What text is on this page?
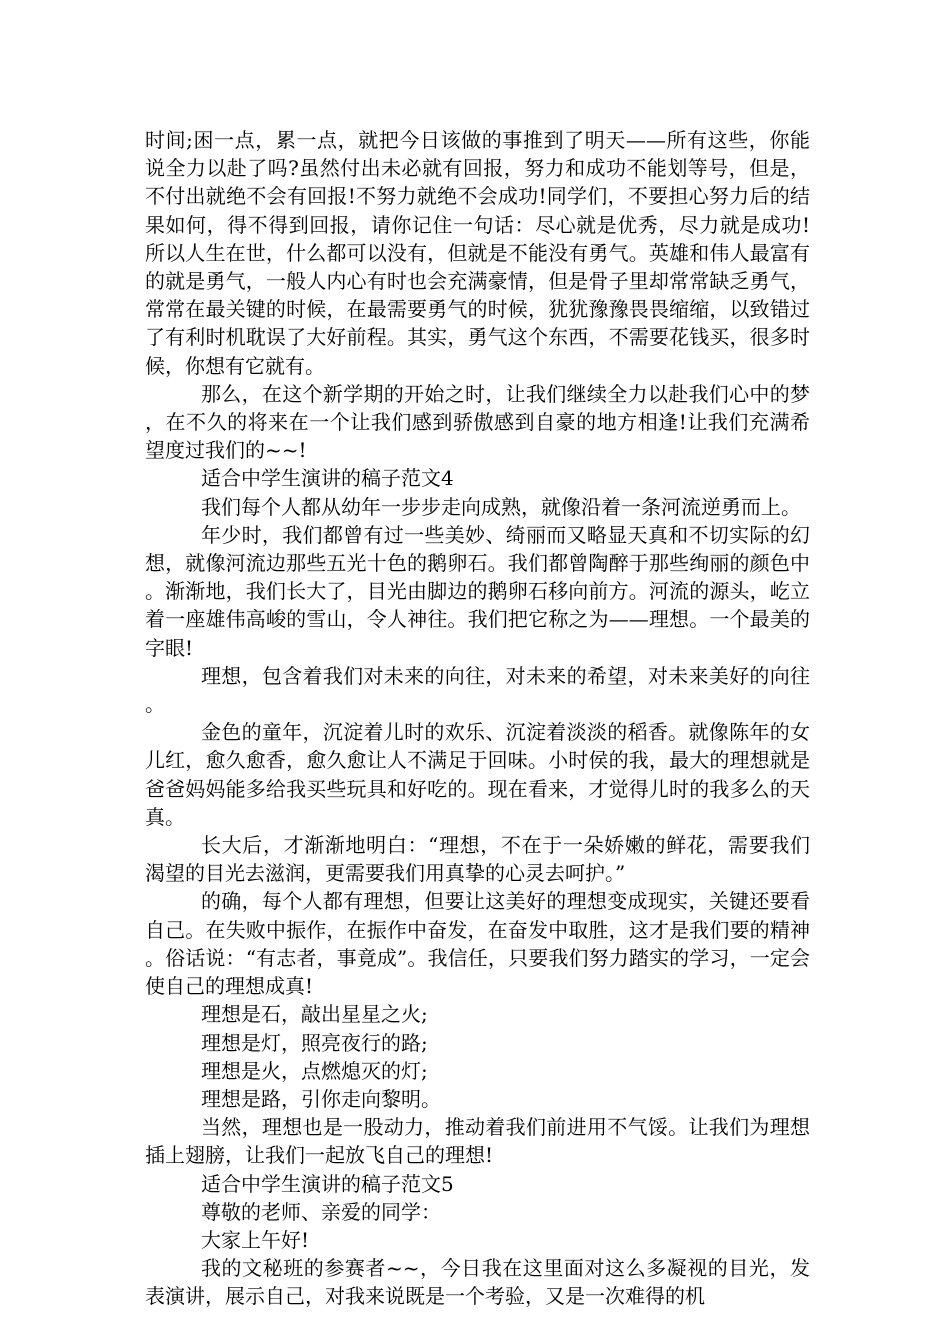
时间;困一点，累一点，就把今日该做的事推到了明天——所有这些，你能说全力以赴了吗?虽然付出未必就有回报，努力和成功不能划等号，但是，不付出就绝不会有回报!不努力就绝不会成功!同学们，不要担心努力后的结果如何，得不得到回报，请你记住一句话：尽心就是优秀，尽力就是成功!所以人生在世，什么都可以没有，但就是不能没有勇气。英雄和伟人最富有的就是勇气，一般人内心有时也会充满豪情，但是骨子里却常常缺乏勇气，常常在最关键的时候，在最需要勇气的时候，犹犹豫豫畏畏缩缩，以致错过了有利时机耽误了大好前程。其实，勇气这个东西，不需要花钱买，很多时候，你想有它就有。

那么，在这个新学期的开始之时，让我们继续全力以赴我们心中的梦，在不久的将来在一个让我们感到骄傲感到自豪的地方相逢!让我们充满希望度过我们的~~!

适合中学生演讲的稿子范文4

我们每个人都从幼年一步步走向成熟，就像沿着一条河流逆勇而上。

年少时，我们都曾有过一些美妙、绮丽而又略显天真和不切实际的幻想，就像河流边那些五光十色的鹅卵石。我们都曾陶醉于那些绚丽的颜色中。渐渐地，我们长大了，目光由脚边的鹅卵石移向前方。河流的源头，屹立着一座雄伟高峻的雪山，令人神往。我们把它称之为——理想。一个最美的字眼!

理想，包含着我们对未来的向往，对未来的希望，对未来美好的向往。

金色的童年，沉淀着儿时的欢乐、沉淀着淡淡的稻香。就像陈年的女儿红，愈久愈香，愈久愈让人不满足于回味。小时侯的我，最大的理想就是爸爸妈妈能多给我买些玩具和好吃的。现在看来，才觉得儿时的我多么的天真。

长大后，才渐渐地明白：“理想，不在于一朵娇嫩的鲜花，需要我们渴望的目光去滋润，更需要我们用真挚的心灵去呵护。”

的确，每个人都有理想，但要让这美好的理想变成现实，关键还要看自己。在失败中振作，在振作中奋发，在奋发中取胜，这才是我们要的精神。俗话说：“有志者，事竟成”。我信任，只要我们努力踏实的学习，一定会使自己的理想成真!

理想是石，敲出星星之火;

理想是灯，照亮夜行的路;

理想是火，点燃熄灭的灯;

理想是路，引你走向黎明。

当然，理想也是一股动力，推动着我们前进用不气馁。让我们为理想插上翅膀，让我们一起放飞自己的理想!

适合中学生演讲的稿子范文5

尊敬的老师、亲爱的同学：

大家上午好!

我的文秘班的参赛者~~，今日我在这里面对这么多凝视的目光，发表演讲，展示自己，对我来说既是一个考验，又是一次难得的机
